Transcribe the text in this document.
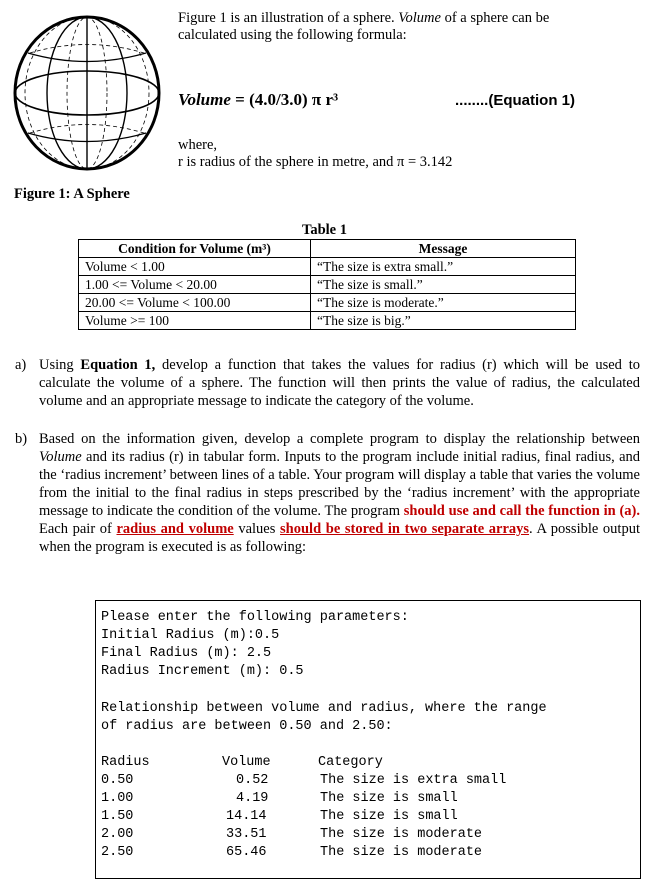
Figure 1 is an illustration of a sphere. Volume of a sphere can be
calculated using the following formula:
Volume = (4.0/3.0) π r³	........(Equation 1)
where,
r is radius of the sphere in metre, and π = 3.142
Figure 1: A Sphere
Table 1
Condition for Volume (m³)	Message
Volume < 1.00	“The size is extra small.”
1.00 <= Volume < 20.00	“The size is small.”
20.00 <= Volume < 100.00	“The size is moderate.”
Volume >= 100	“The size is big.”
a) Using Equation 1, develop a function that takes the values for radius (r) which will be used to calculate the volume of a sphere. The function will then prints the value of radius, the calculated volume and an appropriate message to indicate the category of the volume.
b) Based on the information given, develop a complete program to display the relationship between Volume and its radius (r) in tabular form. Inputs to the program include initial radius, final radius, and the ‘radius increment’ between lines of a table. Your program will display a table that varies the volume from the initial to the final radius in steps prescribed by the ‘radius increment’ with the appropriate message to indicate the condition of the volume. The program should use and call the function in (a). Each pair of radius and volume values should be stored in two separate arrays. A possible output when the program is executed is as following:
Please enter the following parameters:
Initial Radius (m):0.5
Final Radius (m): 2.5
Radius Increment (m): 0.5
Relationship between volume and radius, where the range
of radius are between 0.50 and 2.50:
Radius	Volume	Category
0.50	0.52	The size is extra small
1.00	4.19	The size is small
1.50	14.14	The size is small
2.00	33.51	The size is moderate
2.50	65.46	The size is moderate
